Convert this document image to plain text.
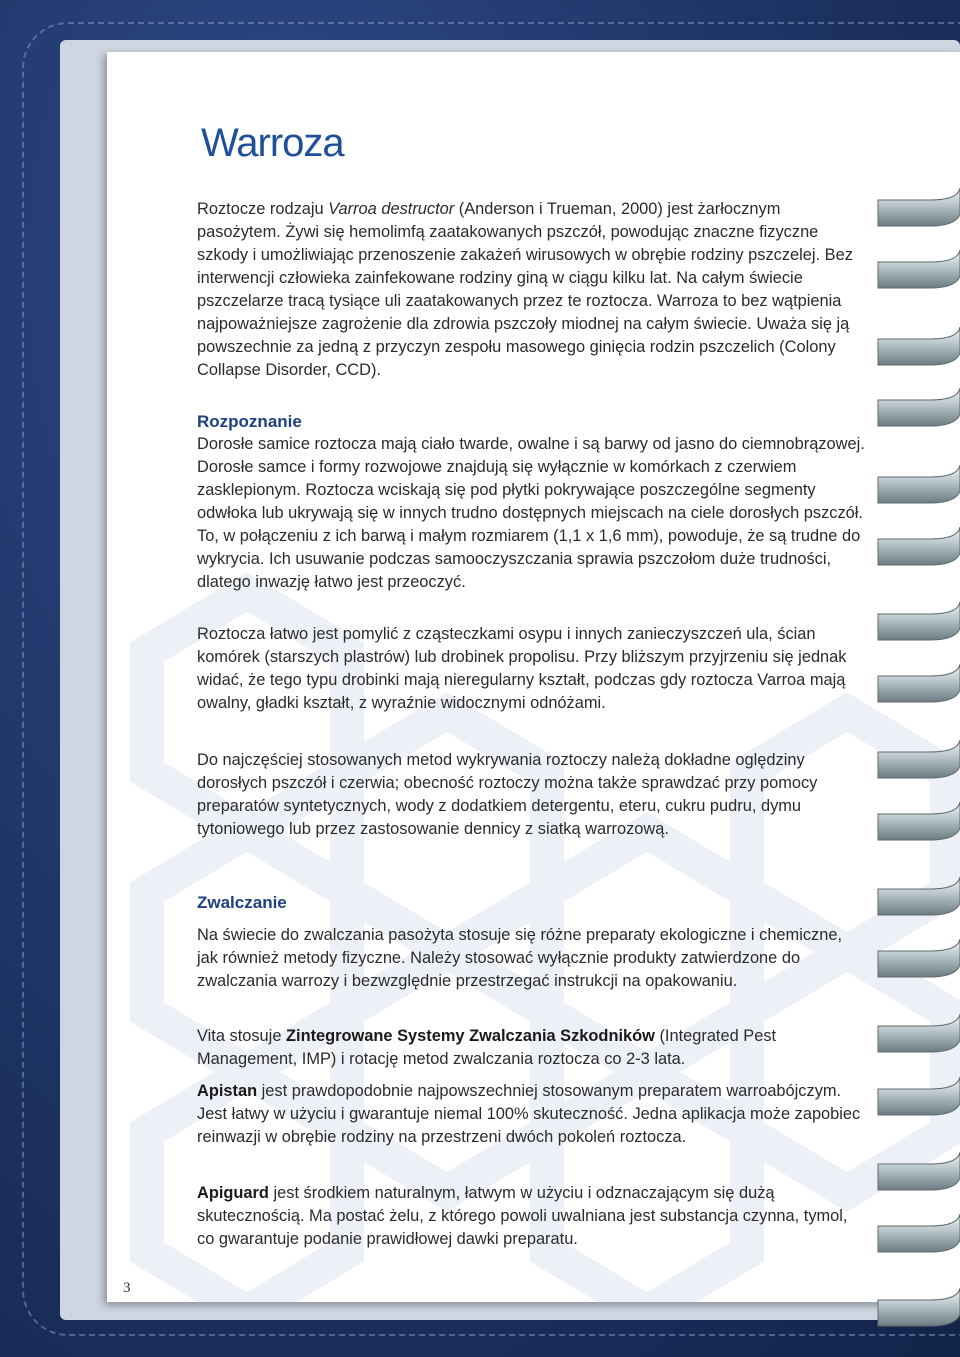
Warroza

Roztocze rodzaju Varroa destructor (Anderson i Trueman, 2000) jest żarłocznym pasożytem. Żywi się hemolimfą zaatakowanych pszczół, powodując znaczne fizyczne szkody i umożliwiając przenoszenie zakażeń wirusowych w obrębie rodziny pszczelej. Bez interwencji człowieka zainfekowane rodziny giną w ciągu kilku lat. Na całym świecie pszczelarze tracą tysiące uli zaatakowanych przez te roztocza. Warroza to bez wątpienia najpoważniejsze zagrożenie dla zdrowia pszczoły miodnej na całym świecie. Uważa się ją powszechnie za jedną z przyczyn zespołu masowego ginięcia rodzin pszczelich (Colony Collapse Disorder, CCD).

Rozpoznanie

Dorosłe samice roztocza mają ciało twarde, owalne i są barwy od jasno do ciemnobrązowej. Dorosłe samce i formy rozwojowe znajdują się wyłącznie w komórkach z czerwiem zasklepionym. Roztocza wciskają się pod płytki pokrywające poszczególne segmenty odwłoka lub ukrywają się w innych trudno dostępnych miejscach na ciele dorosłych pszczół. To, w połączeniu z ich barwą i małym rozmiarem (1,1 x 1,6 mm), powoduje, że są trudne do wykrycia. Ich usuwanie podczas samooczyszczania sprawia pszczołom duże trudności, dlatego inwazję łatwo jest przeoczyć.

Roztocza łatwo jest pomylić z cząsteczkami osypu i innych zanieczyszczeń ula, ścian komórek (starszych plastrów) lub drobinek propolisu. Przy bliższym przyjrzeniu się jednak widać, że tego typu drobinki mają nieregularny kształt, podczas gdy roztocza Varroa mają owalny, gładki kształt, z wyraźnie widocznymi odnóżami.

Do najczęściej stosowanych metod wykrywania roztoczy należą dokładne oględziny dorosłych pszczół i czerwia; obecność roztoczy można także sprawdzać przy pomocy preparatów syntetycznych, wody z dodatkiem detergentu, eteru, cukru pudru, dymu tytoniowego lub przez zastosowanie dennicy z siatką warrozową.

Zwalczanie

Na świecie do zwalczania pasożyta stosuje się różne preparaty ekologiczne i chemiczne, jak również metody fizyczne. Należy stosować wyłącznie produkty zatwierdzone do zwalczania warrozy i bezwzględnie przestrzegać instrukcji na opakowaniu.

Vita stosuje Zintegrowane Systemy Zwalczania Szkodników (Integrated Pest Management, IMP) i rotację metod zwalczania roztocza co 2-3 lata.

Apistan jest prawdopodobnie najpowszechniej stosowanym preparatem warroabójczym. Jest łatwy w użyciu i gwarantuje niemal 100% skuteczność. Jedna aplikacja może zapobiec reinwazji w obrębie rodziny na przestrzeni dwóch pokoleń roztocza.

Apiguard jest środkiem naturalnym, łatwym w użyciu i odznaczającym się dużą skutecznością. Ma postać żelu, z którego powoli uwalniana jest substancja czynna, tymol, co gwarantuje podanie prawidłowej dawki preparatu.

3
